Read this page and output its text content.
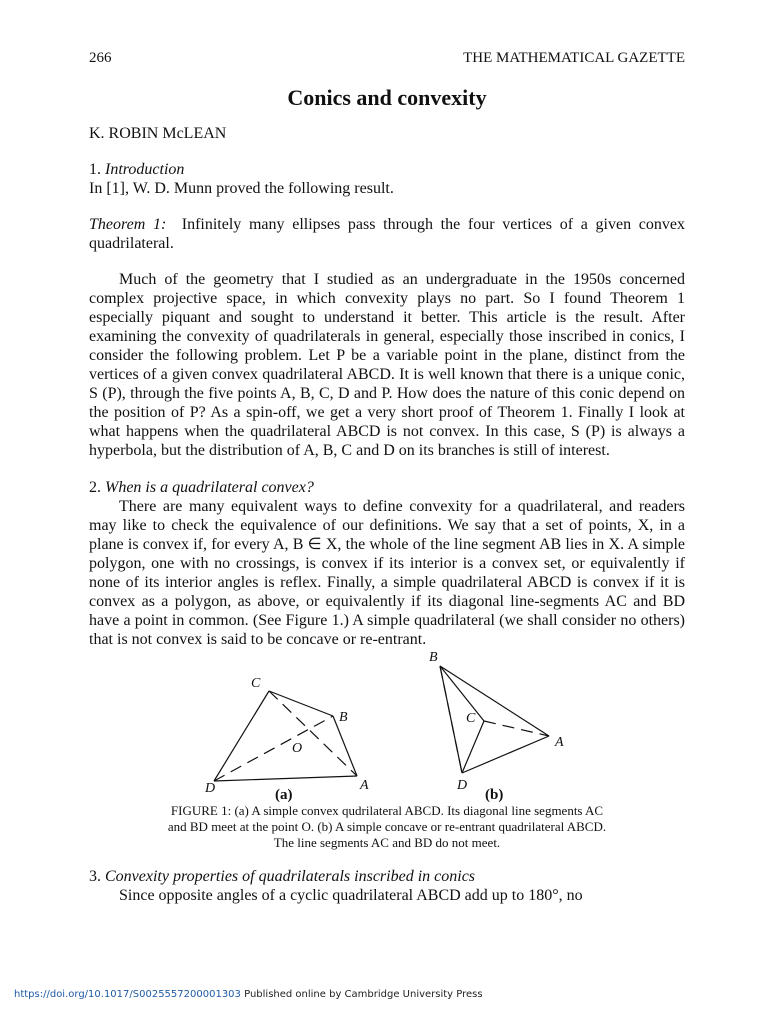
266	THE MATHEMATICAL GAZETTE
Conics and convexity
K. ROBIN McLEAN
1. Introduction

In [1], W. D. Munn proved the following result.

Theorem 1: Infinitely many ellipses pass through the four vertices of a given convex quadrilateral.

Much of the geometry that I studied as an undergraduate in the 1950s concerned complex projective space, in which convexity plays no part. So I found Theorem 1 especially piquant and sought to understand it better. This article is the result. After examining the convexity of quadrilaterals in general, especially those inscribed in conics, I consider the following problem. Let P be a variable point in the plane, distinct from the vertices of a given convex quadrilateral ABCD. It is well known that there is a unique conic, S (P), through the five points A, B, C, D and P. How does the nature of this conic depend on the position of P? As a spin-off, we get a very short proof of Theorem 1. Finally I look at what happens when the quadrilateral ABCD is not convex. In this case, S (P) is always a hyperbola, but the distribution of A, B, C and D on its branches is still of interest.

2. When is a quadrilateral convex?

There are many equivalent ways to define convexity for a quadrilateral, and readers may like to check the equivalence of our definitions. We say that a set of points, X, in a plane is convex if, for every A, B ∈ X, the whole of the line segment AB lies in X. A simple polygon, one with no crossings, is convex if its interior is a convex set, or equivalently if none of its interior angles is reflex. Finally, a simple quadrilateral ABCD is convex if it is convex as a polygon, as above, or equivalently if its diagonal line-segments AC and BD have a point in common. (See Figure 1.) A simple quadrilateral (we shall consider no others) that is not convex is said to be concave or re-entrant.

C
B
O
D	A
(a)
B
C
A
D
(b)
FIGURE 1: (a) A simple convex qudrilateral ABCD. Its diagonal line segments AC
and BD meet at the point O. (b) A simple concave or re-entrant quadrilateral ABCD.
The line segments AC and BD do not meet.
3. Convexity properties of quadrilaterals inscribed in conics

Since opposite angles of a cyclic quadrilateral ABCD add up to 180°, no

https://doi.org/10.1017/S0025557200001303 Published online by Cambridge University Press
